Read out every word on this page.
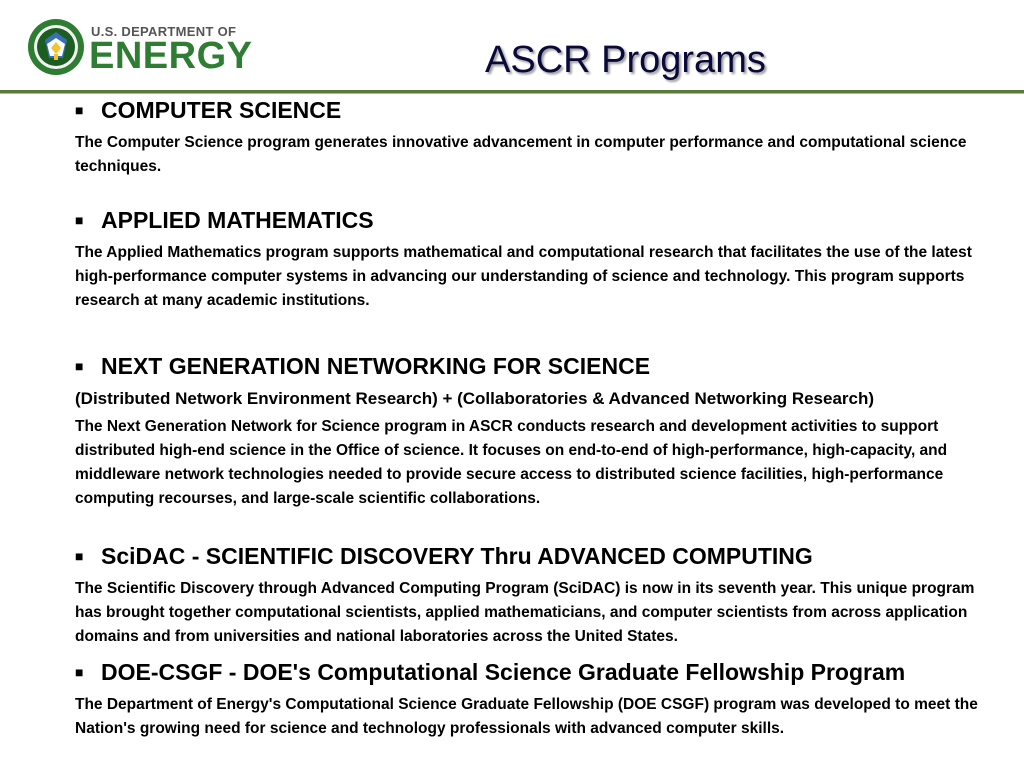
U.S. DEPARTMENT OF
ENERGY	ASCR Programs
■ COMPUTER SCIENCE
The Computer Science program generates innovative advancement in computer performance and computational science techniques.
■ APPLIED MATHEMATICS
The Applied Mathematics program supports mathematical and computational research that facilitates the use of the latest high-performance computer systems in advancing our understanding of science and technology. This program supports research at many academic institutions.
■ NEXT GENERATION NETWORKING FOR SCIENCE
(Distributed Network Environment Research) + (Collaboratories & Advanced Networking Research)
The Next Generation Network for Science program in ASCR conducts research and development activities to support distributed high-end science in the Office of science. It focuses on end-to-end of high-performance, high-capacity, and middleware network technologies needed to provide secure access to distributed science facilities, high-performance computing recourses, and large-scale scientific collaborations.
■ SciDAC - SCIENTIFIC DISCOVERY Thru ADVANCED COMPUTING
The Scientific Discovery through Advanced Computing Program (SciDAC) is now in its seventh year. This unique program has brought together computational scientists, applied mathematicians, and computer scientists from across application domains and from universities and national laboratories across the United States.
■ DOE-CSGF - DOE's Computational Science Graduate Fellowship Program
The Department of Energy's Computational Science Graduate Fellowship (DOE CSGF) program was developed to meet the Nation's growing need for science and technology professionals with advanced computer skills.
